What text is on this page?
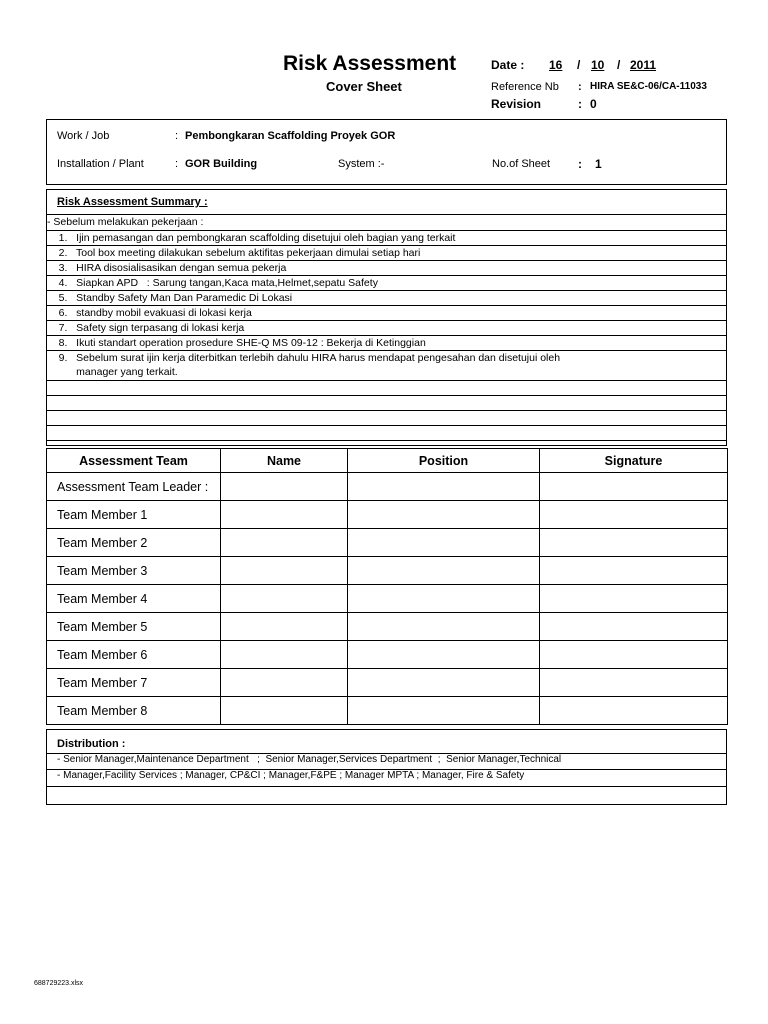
Risk Assessment
Cover Sheet
Date : 16 / 10 / 2011
Reference Nb : HIRA SE&C-06/CA-11033
Revision	: 0
Work / Job	: Pembongkaran Scaffolding Proyek GOR
Installation / Plant	: GOR Building	System :-	No.of Sheet : 1
Risk Assessment Summary :
- Sebelum melakukan pekerjaan :
1.   Ijin pemasangan dan pembongkaran scaffolding disetujui oleh bagian yang terkait
2.   Tool box meeting dilakukan sebelum aktifitas pekerjaan dimulai setiap hari
3.   HIRA disosialisasikan dengan semua pekerja
4.   Siapkan APD   : Sarung tangan,Kaca mata,Helmet,sepatu Safety
5.   Standby Safety Man Dan Paramedic Di Lokasi
6.   standby mobil evakuasi di lokasi kerja
7.   Safety sign terpasang di lokasi kerja
8.   Ikuti standart operation prosedure SHE-Q MS 09-12 : Bekerja di Ketinggian
9.   Sebelum surat ijin kerja diterbitkan terlebih dahulu HIRA harus mendapat pengesahan dan disetujui oleh
manager yang terkait.
Assessment Team	Name	Position	Signature
Assessment Team Leader :			
Team Member 1			
Team Member 2			
Team Member 3			
Team Member 4			
Team Member 5			
Team Member 6			
Team Member 7			
Team Member 8			
Distribution :
- Senior Manager,Maintenance Department   ;  Senior Manager,Services Department  ;  Senior Manager,Technical
- Manager,Facility Services ; Manager, CP&CI ; Manager,F&PE ; Manager MPTA ; Manager, Fire & Safety
688729223.xlsx
